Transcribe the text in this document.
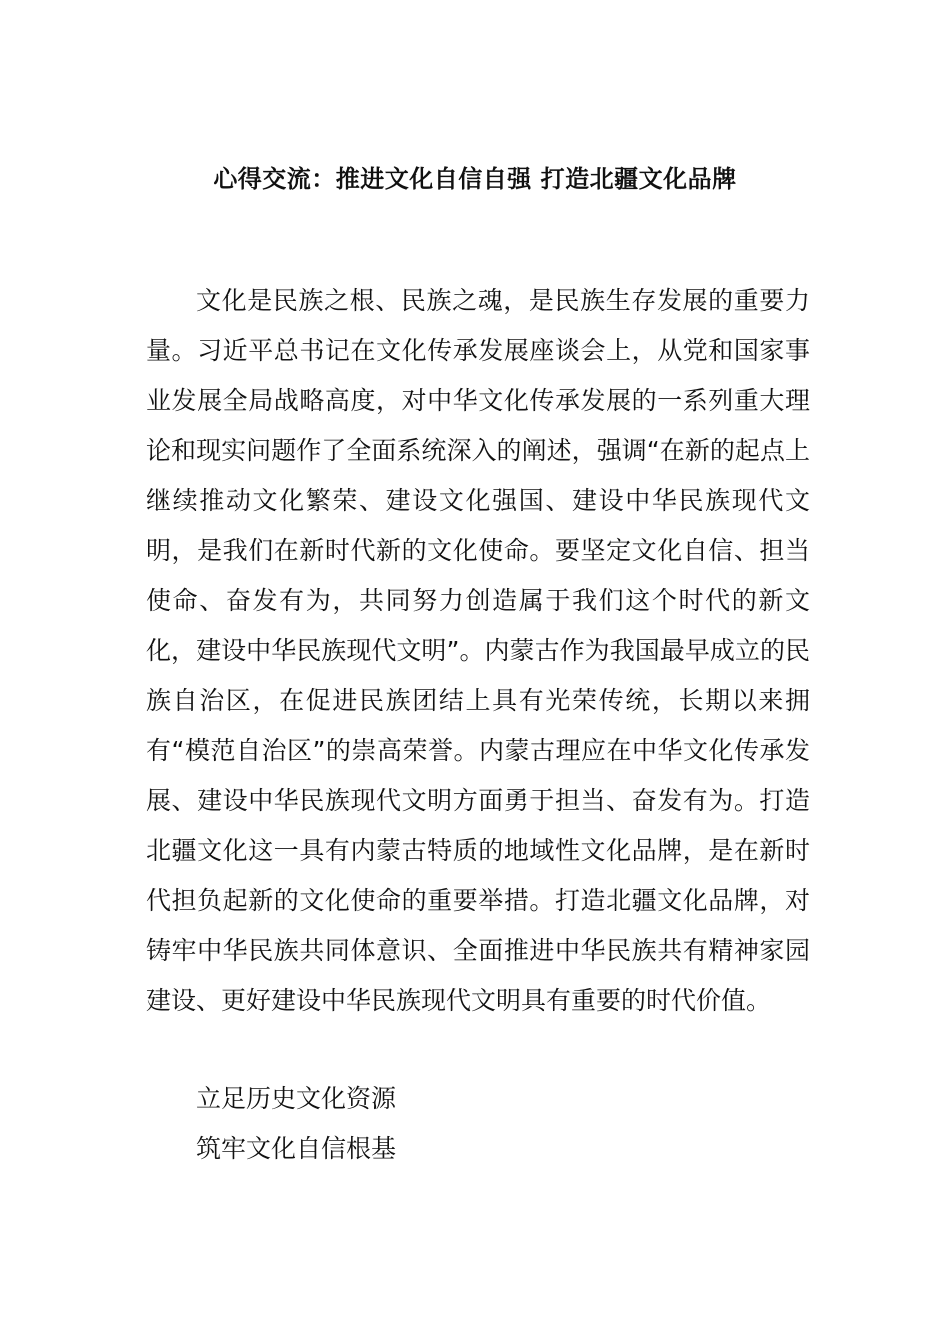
心得交流：推进文化自信自强 打造北疆文化品牌

文化是民族之根、民族之魂，是民族生存发展的重要力量。习近平总书记在文化传承发展座谈会上，从党和国家事业发展全局战略高度，对中华文化传承发展的一系列重大理论和现实问题作了全面系统深入的阐述，强调“在新的起点上继续推动文化繁荣、建设文化强国、建设中华民族现代文明，是我们在新时代新的文化使命。要坚定文化自信、担当使命、奋发有为，共同努力创造属于我们这个时代的新文化，建设中华民族现代文明”。内蒙古作为我国最早成立的民族自治区，在促进民族团结上具有光荣传统，长期以来拥有“模范自治区”的崇高荣誉。内蒙古理应在中华文化传承发展、建设中华民族现代文明方面勇于担当、奋发有为。打造北疆文化这一具有内蒙古特质的地域性文化品牌，是在新时代担负起新的文化使命的重要举措。打造北疆文化品牌，对铸牢中华民族共同体意识、全面推进中华民族共有精神家园建设、更好建设中华民族现代文明具有重要的时代价值。

立足历史文化资源

筑牢文化自信根基
